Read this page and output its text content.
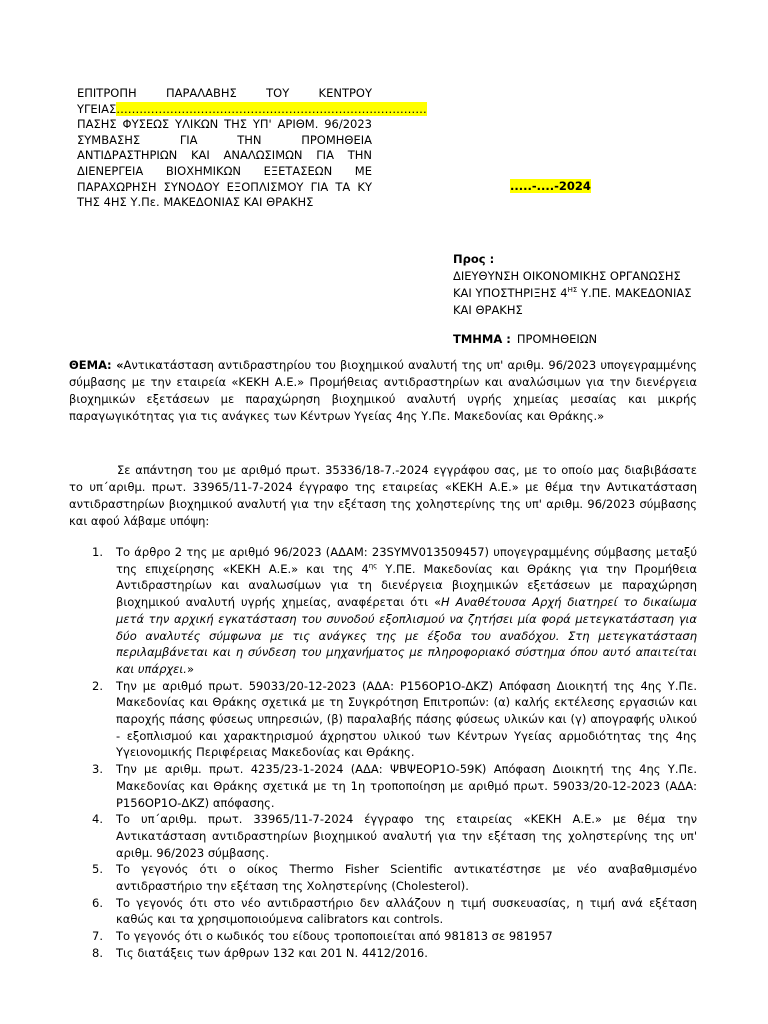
ΕΠΙΤΡΟΠΗ ΠΑΡΑΛΑΒΗΣ ΤΟΥ ΚΕΝΤΡΟΥ
ΥΓΕΙΑΣ………………………………………………………………………
ΠΑΣΗΣ ΦΥΣΕΩΣ ΥΛΙΚΩΝ ΤΗΣ ΥΠ' ΑΡΙΘΜ. 96/2023
ΣΥΜΒΑΣΗΣ ΓΙΑ ΤΗΝ ΠΡΟΜΗΘΕΙΑ
ΑΝΤΙΔΡΑΣΤΗΡΙΩΝ ΚΑΙ ΑΝΑΛΩΣΙΜΩΝ ΓΙΑ ΤΗΝ
ΔΙΕΝΕΡΓΕΙΑ ΒΙΟΧΗΜΙΚΩΝ ΕΞΕΤΑΣΕΩΝ ΜΕ
ΠΑΡΑΧΩΡΗΣΗ ΣΥΝΟΔΟΥ ΕΞΟΠΛΙΣΜΟΥ ΓΙΑ ΤΑ ΚΥ
ΤΗΣ 4ΗΣ Υ.Πε. ΜΑΚΕΔΟΝΙΑΣ ΚΑΙ ΘΡΑΚΗΣ
.....-....-2024
Προς :
ΔΙΕΥΘΥΝΣΗ ΟΙΚΟΝΟΜΙΚΗΣ ΟΡΓΑΝΩΣΗΣ
ΚΑΙ ΥΠΟΣΤΗΡΙΞΗΣ $4^{H\Sigma}$ Υ.ΠΕ. ΜΑΚΕΔΟΝΙΑΣ
ΚΑΙ ΘΡΑΚΗΣ
ΤΜΗΜΑ : ΠΡΟΜΗΘΕΙΩΝ
ΘΕΜΑ: «Αντικατάσταση αντιδραστηρίου του βιοχημικού αναλυτή της υπ' αριθμ. 96/2023 υπογεγραμμένης σύμβασης με την εταιρεία «ΚΕΚΗ Α.Ε.» Προμήθειας αντιδραστηρίων και αναλώσιμων για την διενέργεια βιοχημικών εξετάσεων με παραχώρηση βιοχημικού αναλυτή υγρής χημείας μεσαίας και μικρής παραγωγικότητας για τις ανάγκες των Κέντρων Υγείας 4ης Υ.Πε. Μακεδονίας και Θράκης.»
Σε απάντηση του με αριθμό πρωτ. 35336/18-7.-2024 εγγράφου σας, με το οποίο μας διαβιβάσατε το υπ΄αριθμ. πρωτ. 33965/11-7-2024 έγγραφο της εταιρείας «ΚΕΚΗ Α.Ε.» με θέμα την Αντικατάσταση αντιδραστηρίων βιοχημικού αναλυτή για την εξέταση της χοληστερίνης της υπ' αριθμ. 96/2023 σύμβασης και αφού λάβαμε υπόψη:
1. Το άρθρο 2 της με αριθμό 96/2023 (ΑΔΑΜ: 23SYMV013509457) υπογεγραμμένης σύμβασης μεταξύ της επιχείρησης «ΚΕΚΗ Α.Ε.» και της $4^{\eta\varsigma}$ Υ.ΠΕ. Μακεδονίας και Θράκης για την Προμήθεια Αντιδραστηρίων και αναλωσίμων για τη διενέργεια βιοχημικών εξετάσεων με παραχώρηση βιοχημικού αναλυτή υγρής χημείας, αναφέρεται ότι «Η Αναθέτουσα Αρχή διατηρεί το δικαίωμα μετά την αρχική εγκατάσταση του συνοδού εξοπλισμού να ζητήσει μία φορά μετεγκατάσταση για δύο αναλυτές σύμφωνα με τις ανάγκες της με έξοδα του αναδόχου. Στη μετεγκατάσταση περιλαμβάνεται και η σύνδεση του μηχανήματος με πληροφοριακό σύστημα όπου αυτό απαιτείται και υπάρχει.»
2. Την με αριθμό πρωτ. 59033/20-12-2023 (ΑΔΑ: Ρ156ΟΡ1Ο-ΔΚΖ) Απόφαση Διοικητή της 4ης Υ.Πε. Μακεδονίας και Θράκης σχετικά με τη Συγκρότηση Επιτροπών: (α) καλής εκτέλεσης εργασιών και παροχής πάσης φύσεως υπηρεσιών, (β) παραλαβής πάσης φύσεως υλικών και (γ) απογραφής υλικού - εξοπλισμού και χαρακτηρισμού άχρηστου υλικού των Κέντρων Υγείας αρμοδιότητας της 4ης Υγειονομικής Περιφέρειας Μακεδονίας και Θράκης.
3. Την με αριθμ. πρωτ. 4235/23-1-2024 (ΑΔΑ: ΨΒΨΕΟΡ1Ο-59Κ) Απόφαση Διοικητή της 4ης Υ.Πε. Μακεδονίας και Θράκης σχετικά με τη 1η τροποποίηση με αριθμό πρωτ. 59033/20-12-2023 (ΑΔΑ: Ρ156ΟΡ1Ο-ΔΚΖ) απόφασης.
4. Το υπ΄αριθμ. πρωτ. 33965/11-7-2024 έγγραφο της εταιρείας «ΚΕΚΗ Α.Ε.» με θέμα την Αντικατάσταση αντιδραστηρίων βιοχημικού αναλυτή για την εξέταση της χοληστερίνης της υπ' αριθμ. 96/2023 σύμβασης.
5. Το γεγονός ότι ο οίκος Thermo Fisher Scientific αντικατέστησε με νέο αναβαθμισμένο αντιδραστήριο την εξέταση της Χοληστερίνης (Cholesterol).
6. Το γεγονός ότι στο νέο αντιδραστήριο δεν αλλάζουν η τιμή συσκευασίας, η τιμή ανά εξέταση καθώς και τα χρησιμοποιούμενα calibrators και controls.
7. Το γεγονός ότι ο κωδικός του είδους τροποποιείται από 981813 σε 981957
8. Τις διατάξεις των άρθρων 132 και 201 Ν. 4412/2016.
